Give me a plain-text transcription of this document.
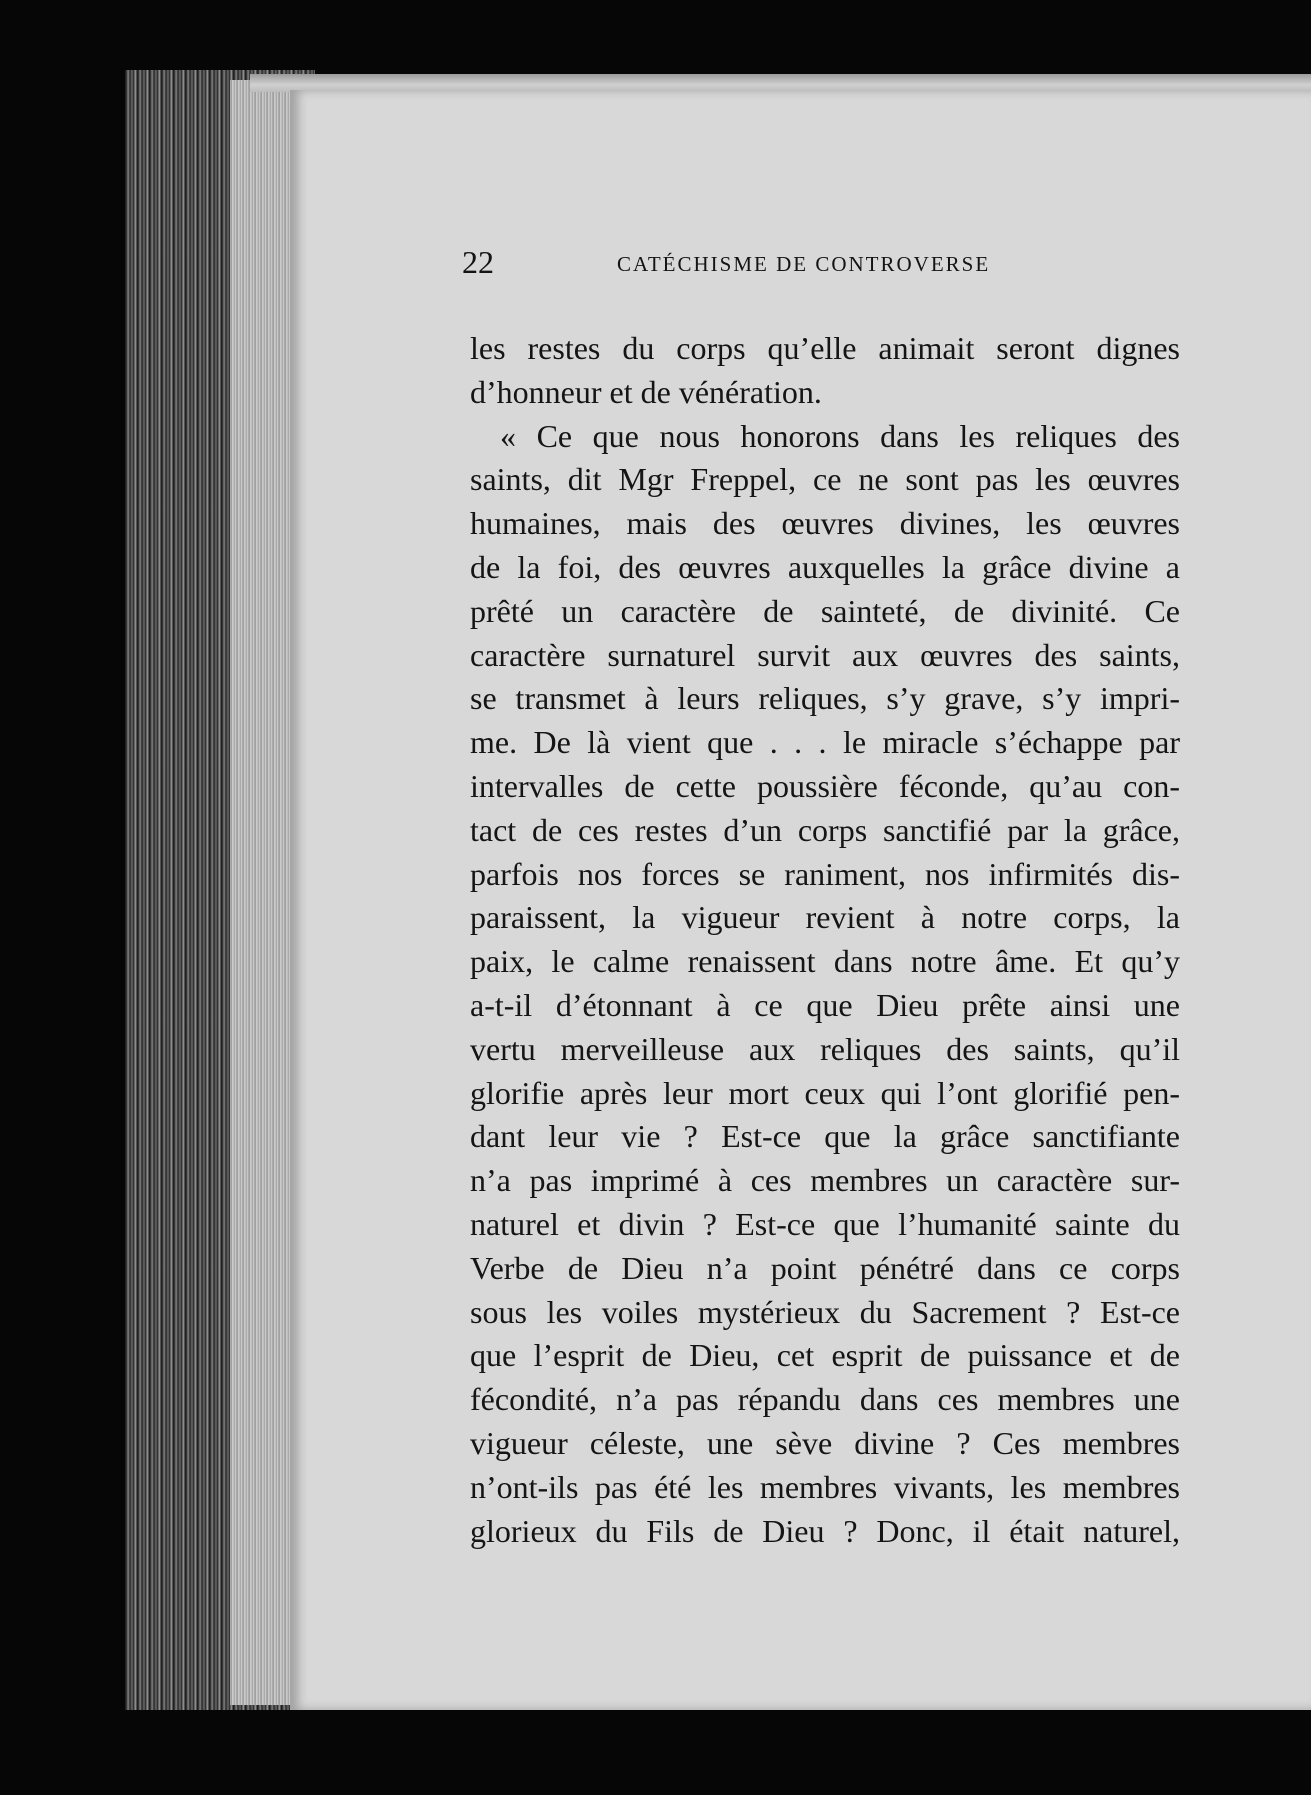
22	CATÉCHISME DE CONTROVERSE
les restes du corps qu’elle animait seront dignes
d’honneur et de vénération.
« Ce que nous honorons dans les reliques des
saints, dit Mgr Freppel, ce ne sont pas les œuvres
humaines, mais des œuvres divines, les œuvres
de la foi, des œuvres auxquelles la grâce divine a
prêté un caractère de sainteté, de divinité. Ce
caractère surnaturel survit aux œuvres des saints,
se transmet à leurs reliques, s’y grave, s’y impri-
me. De là vient que . . . le miracle s’échappe par
intervalles de cette poussière féconde, qu’au con-
tact de ces restes d’un corps sanctifié par la grâce,
parfois nos forces se raniment, nos infirmités dis-
paraissent, la vigueur revient à notre corps, la
paix, le calme renaissent dans notre âme. Et qu’y
a-t-il d’étonnant à ce que Dieu prête ainsi une
vertu merveilleuse aux reliques des saints, qu’il
glorifie après leur mort ceux qui l’ont glorifié pen-
dant leur vie ? Est-ce que la grâce sanctifiante
n’a pas imprimé à ces membres un caractère sur-
naturel et divin ? Est-ce que l’humanité sainte du
Verbe de Dieu n’a point pénétré dans ce corps
sous les voiles mystérieux du Sacrement ? Est-ce
que l’esprit de Dieu, cet esprit de puissance et de
fécondité, n’a pas répandu dans ces membres une
vigueur céleste, une sève divine ? Ces membres
n’ont-ils pas été les membres vivants, les membres
glorieux du Fils de Dieu ? Donc, il était naturel,
